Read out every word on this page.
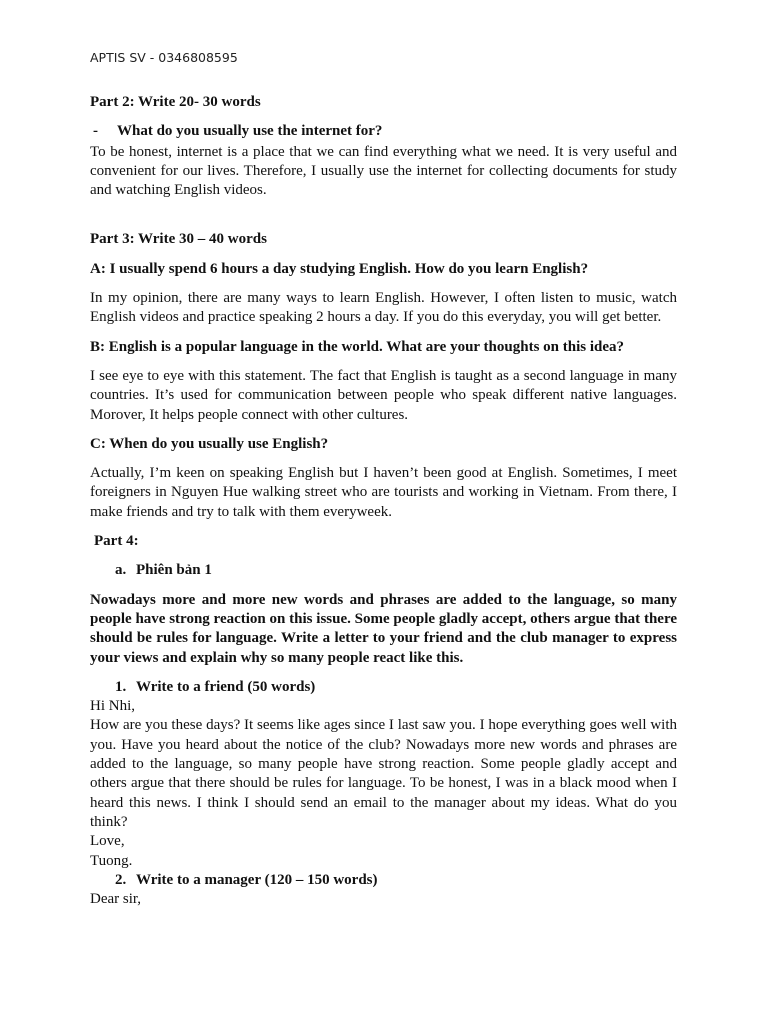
APTIS SV - 0346808595

Part 2: Write 20- 30 words

- What do you usually use the internet for?

To be honest, internet is a place that we can find everything what we need. It is very useful and convenient for our lives. Therefore, I usually use the internet for collecting documents for study and watching English videos.

Part 3: Write 30 – 40 words

A: I usually spend 6 hours a day studying English. How do you learn English?

In my opinion, there are many ways to learn English. However, I often listen to music, watch English videos and practice speaking 2 hours a day. If you do this everyday, you will get better.

B: English is a popular language in the world. What are your thoughts on this idea?

I see eye to eye with this statement. The fact that English is taught as a second language in many countries. It’s used for communication between people who speak different native languages. Morover, It helps people connect with other cultures.

C: When do you usually use English?

Actually, I’m keen on speaking English but I haven’t been good at English. Sometimes, I meet foreigners in Nguyen Hue walking street who are tourists and working in Vietnam. From there, I make friends and try to talk with them everyweek.

Part 4:

a. Phiên bản 1

Nowadays more and more new words and phrases are added to the language, so many people have strong reaction on this issue. Some people gladly accept, others argue that there should be rules for language. Write a letter to your friend and the club manager to express your views and explain why so many people react like this.

1. Write to a friend (50 words)

Hi Nhi,

How are you these days? It seems like ages since I last saw you. I hope everything goes well with you. Have you heard about the notice of the club? Nowadays more new words and phrases are added to the language, so many people have strong reaction. Some people gladly accept and others argue that there should be rules for language. To be honest, I was in a black mood when I heard this news. I think I should send an email to the manager about my ideas. What do you think?

Love,

Tuong.

2. Write to a manager (120 – 150 words)

Dear sir,
